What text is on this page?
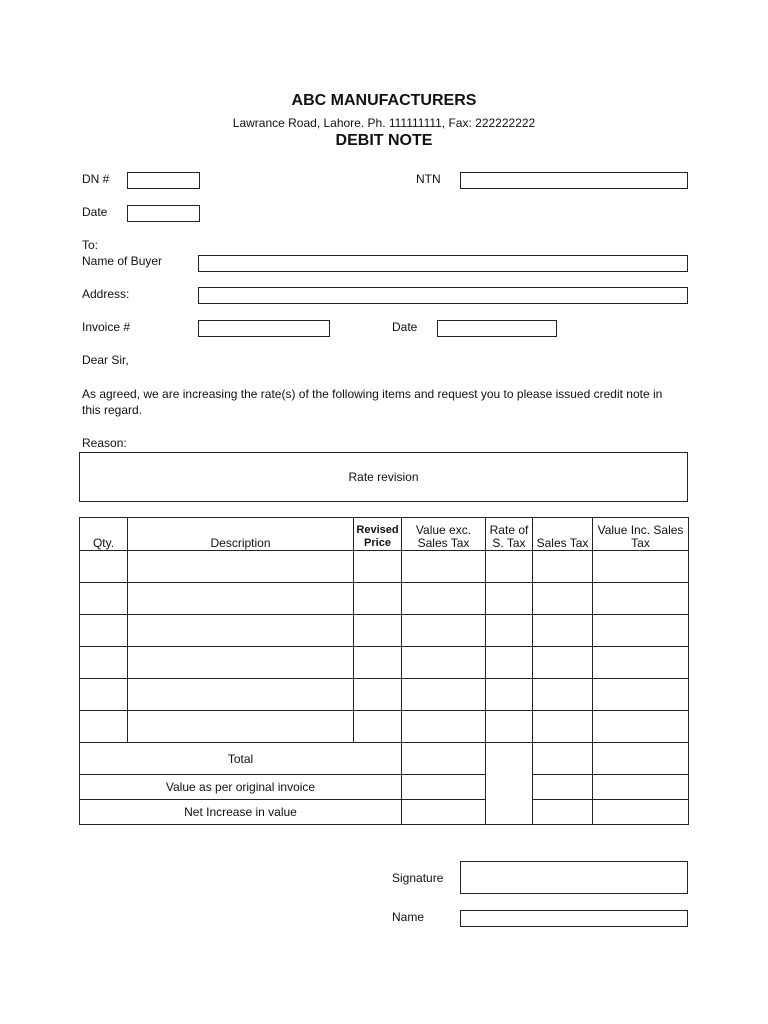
ABC MANUFACTURERS
Lawrance Road, Lahore. Ph. 111111111, Fax: 222222222
DEBIT NOTE
DN #	NTN
Date
To:
Name of Buyer
Address:
Invoice #	Date
Dear Sir,
As agreed, we are increasing the rate(s) of the following items and request you to please issued credit note in this regard.
Reason:
Rate revision
Qty.	Description	Revised Price	Value exc. Sales Tax	Rate of S. Tax	Sales Tax	Value Inc. Sales Tax

Total						
Value as per original invoice						
Net Increase in value						
Signature
Name
